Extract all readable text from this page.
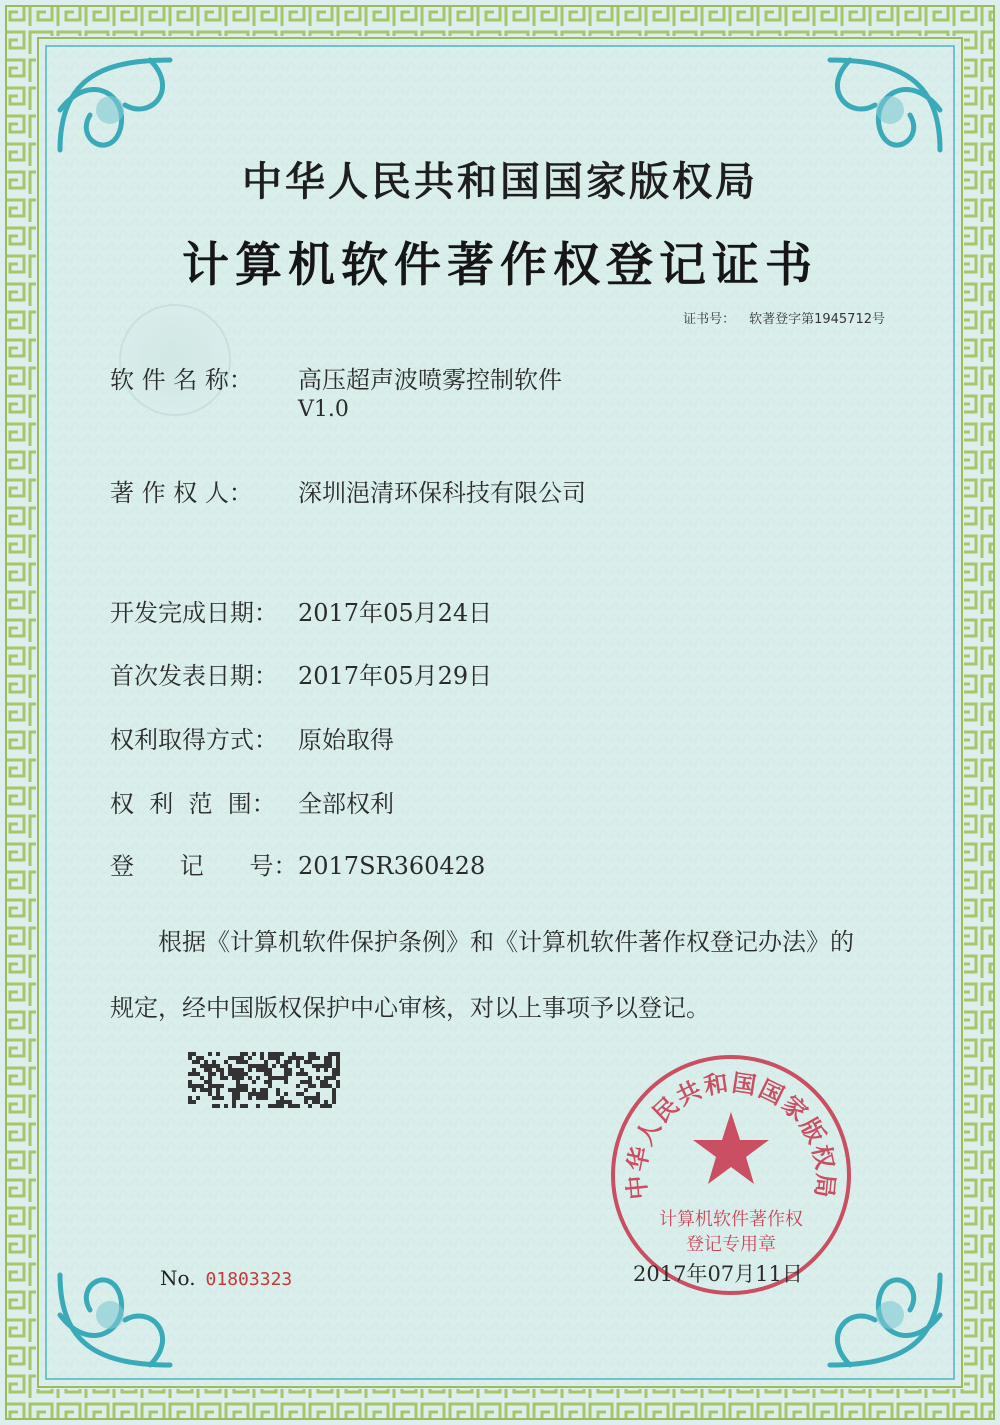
中华人民共和国国家版权局
计算机软件著作权登记证书
证书号： 软著登字第1945712号
软 件 名 称： 高压超声波喷雾控制软件
V1.0
著 作 权 人： 深圳浥清环保科技有限公司
开发完成日期： 2017年05月24日
首次发表日期： 2017年05月29日
权利取得方式： 原始取得
权  利  范  围： 全部权利
登      记      号：2017SR360428
根据《计算机软件保护条例》和《计算机软件著作权登记办法》的
规定，经中国版权保护中心审核，对以上事项予以登记。
中华人民共和国国家版权局
计算机软件著作权
登记专用章
No. 01803323	2017年07月11日
